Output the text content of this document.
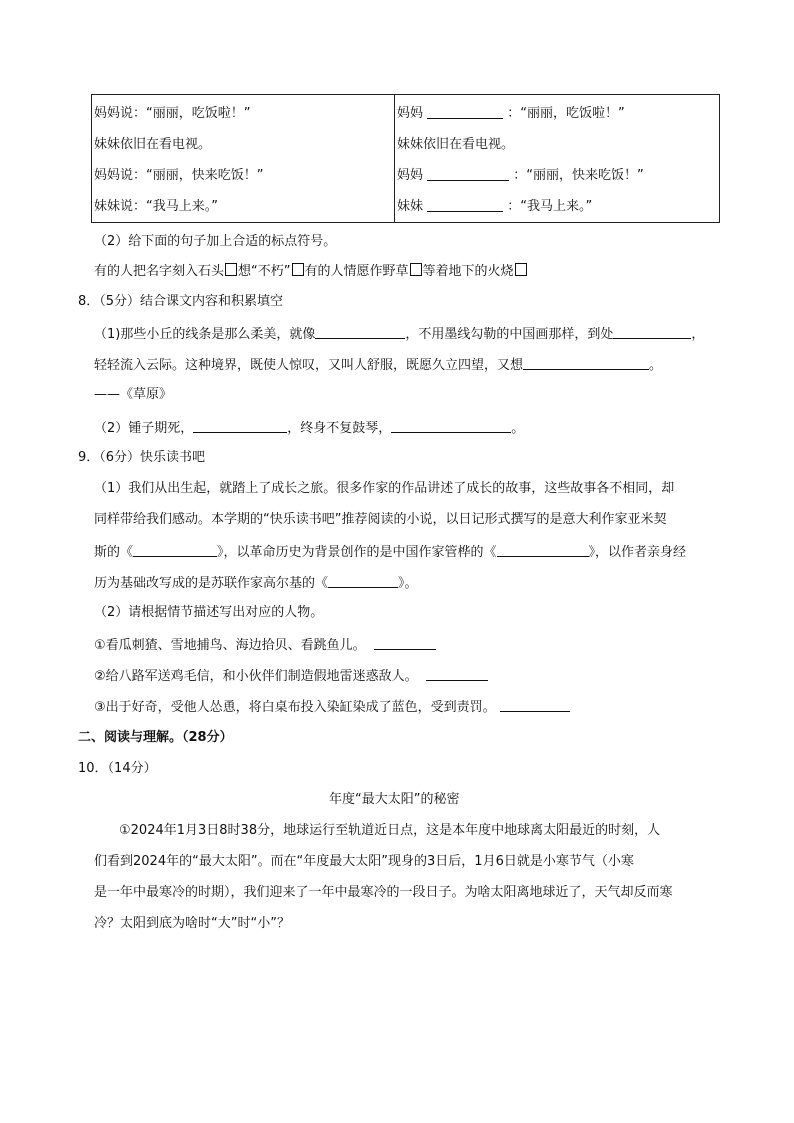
妈妈说：“丽丽，吃饭啦！”
妹妹依旧在看电视。
妈妈说：“丽丽，快来吃饭！”
妹妹说：“我马上来。”

妈妈	：“丽丽，吃饭啦！”
妹妹依旧在看电视。
妈妈	：“丽丽，快来吃饭！”
妹妹	：“我马上来。”
（2）给下面的句子加上合适的标点符号。
有的人把名字刻入石头 想“不朽” 有的人情愿作野草 等着地下的火烧
8．（5分）结合课文内容和积累填空
（1)那些小丘的线条是那么柔美，就像	，不用墨线勾勒的中国画那样，到处	，
轻轻流入云际。这种境界，既使人惊叹，又叫人舒服，既愿久立四望，又想	。
——《草原》
（2）锺子期死，	，终身不复鼓琴，	。
9．（6分）快乐读书吧
（1）我们从出生起，就踏上了成长之旅。很多作家的作品讲述了成长的故事，这些故事各不相同，却
同样带给我们感动。本学期的“快乐读书吧”推荐阅读的小说，以日记形式撰写的是意大利作家亚米契
斯的《	》，以革命历史为背景创作的是中国作家管桦的《	》，以作者亲身经
历为基础改写成的是苏联作家高尔基的《	》。
（2）请根据情节描述写出对应的人物。
①看瓜刺猹、雪地捕鸟、海边拾贝、看跳鱼儿。
②给八路军送鸡毛信，和小伙伴们制造假地雷迷惑敌人。
③出于好奇，受他人怂恿，将白桌布投入染缸染成了蓝色，受到责罚。
二、阅读与理解。（28分）
10．（14分）
年度“最大太阳”的秘密
①2024年1月3日8时38分，地球运行至轨道近日点，这是本年度中地球离太阳最近的时刻，人
们看到2024年的“最大太阳”。而在“年度最大太阳”现身的3日后，1月6日就是小寒节气（小寒
是一年中最寒冷的时期），我们迎来了一年中最寒冷的一段日子。为啥太阳离地球近了，天气却反而寒
冷？太阳到底为啥时“大”时“小”？
